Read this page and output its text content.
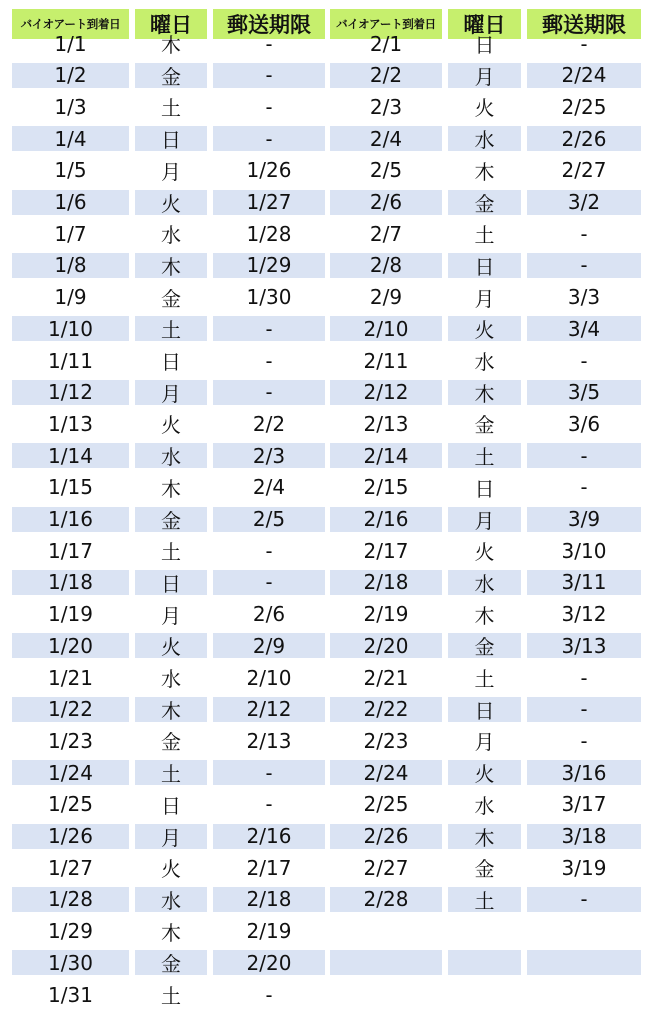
バイオアート到着日	曜日	郵送期限	バイオアート到着日	曜日	郵送期限
1/1	木	-	2/1	日	-
1/2	金	-	2/2	月	2/24
1/3	土	-	2/3	火	2/25
1/4	日	-	2/4	水	2/26
1/5	月	1/26	2/5	木	2/27
1/6	火	1/27	2/6	金	3/2
1/7	水	1/28	2/7	土	-
1/8	木	1/29	2/8	日	-
1/9	金	1/30	2/9	月	3/3
1/10	土	-	2/10	火	3/4
1/11	日	-	2/11	水	-
1/12	月	-	2/12	木	3/5
1/13	火	2/2	2/13	金	3/6
1/14	水	2/3	2/14	土	-
1/15	木	2/4	2/15	日	-
1/16	金	2/5	2/16	月	3/9
1/17	土	-	2/17	火	3/10
1/18	日	-	2/18	水	3/11
1/19	月	2/6	2/19	木	3/12
1/20	火	2/9	2/20	金	3/13
1/21	水	2/10	2/21	土	-
1/22	木	2/12	2/22	日	-
1/23	金	2/13	2/23	月	-
1/24	土	-	2/24	火	3/16
1/25	日	-	2/25	水	3/17
1/26	月	2/16	2/26	木	3/18
1/27	火	2/17	2/27	金	3/19
1/28	水	2/18	2/28	土	-
1/29	木	2/19
1/30	金	2/20
1/31	土	-
